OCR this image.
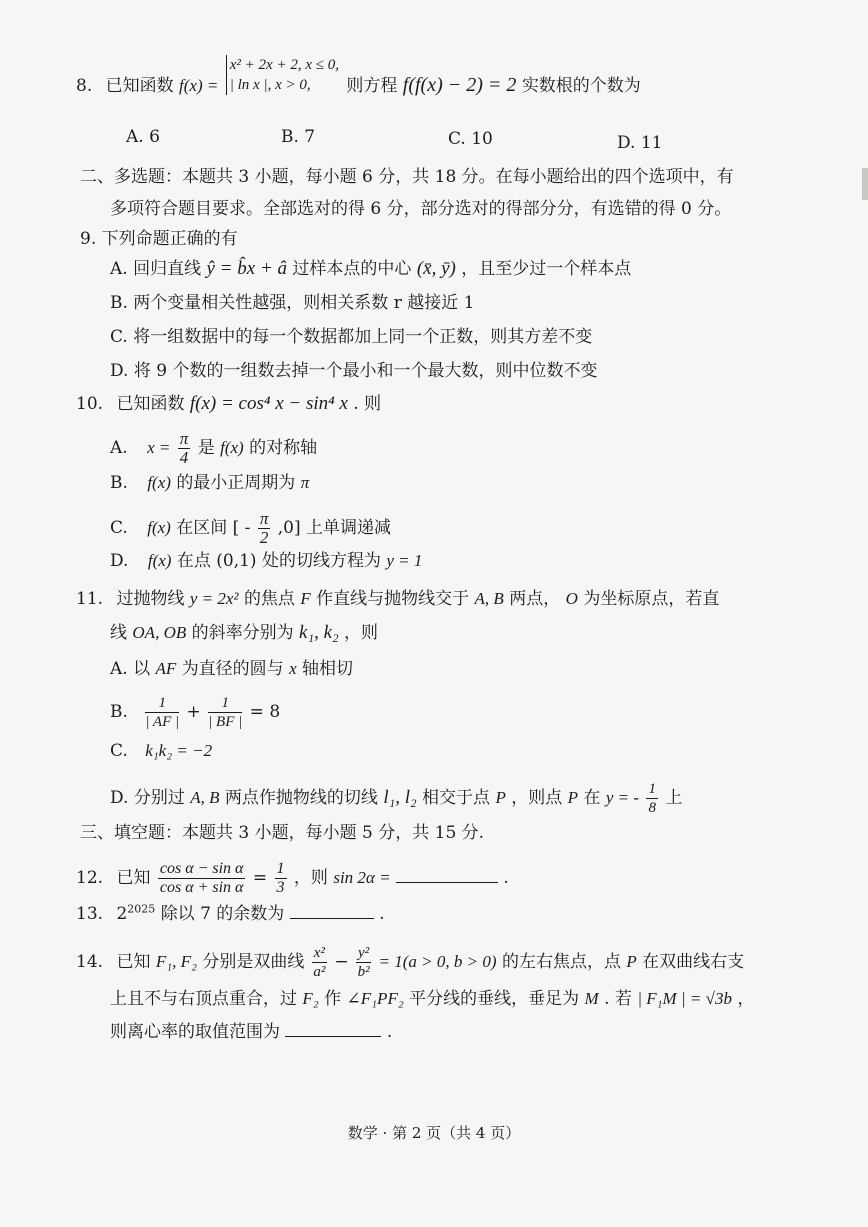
8. 已知函数 f(x) =
x² + 2x + 2, x ≤ 0,
| ln x |, x > 0,	则方程 f(f(x) − 2) = 2 实数根的个数为
A. 6	B. 7	C. 10	D. 11
二、多选题：本题共 3 小题，每小题 6 分，共 18 分。在每小题给出的四个选项中，有
多项符合题目要求。全部选对的得 6 分，部分选对的得部分分，有选错的得 0 分。
9. 下列命题正确的有
A. 回归直线 ŷ = b̂x + â 过样本点的中心 (x̄, ȳ) ，且至少过一个样本点
B. 两个变量相关性越强，则相关系数 r 越接近 1
C. 将一组数据中的每一个数据都加上同一个正数，则其方差不变
D. 将 9 个数的一组数去掉一个最小和一个最大数，则中位数不变
10. 已知函数 f(x) = cos⁴ x − sin⁴ x . 则
A. $x = \frac{\pi}{4}$ 是 f(x) 的对称轴
B. f(x) 的最小正周期为 π
C. f(x) 在区间 [ - $\frac{\pi}{2} ,0$] 上单调递减
D. f(x) 在点 (0,1) 处的切线方程为 y = 1
11. 过抛物线 y = 2x² 的焦点 F 作直线与抛物线交于 A, B 两点， O 为坐标原点，若直
线 OA, OB 的斜率分别为 k₁, k₂ ，则
A. 以 AF 为直径的圆与 x 轴相切
B. $\frac{1}{| AF |} + \frac{1}{| BF |} = 8$
C. k₁k₂ = −2
D. 分别过 A, B 两点作抛物线的切线 l₁, l₂ 相交于点 P ，则点 P 在 y = - $\frac{1}{8}$ 上
三、填空题：本题共 3 小题，每小题 5 分，共 15 分.
12. 已知 $\frac{\text{cos α − sin α}}{\text{cos α + sin α}} = \frac{1}{3}$ ，则 sin 2α =	.
13. $2^{2025}$ 除以 7 的余数为	.
14. 已知 F₁, F₂ 分别是双曲线 $\frac{\text{x²}}{\text{a²}} - \frac{\text{y²}}{\text{b²}} = 1(a > 0$, b > 0) 的左右焦点，点 P 在双曲线右支
上且不与右顶点重合，过 F₂ 作 ∠F₁PF₂ 平分线的垂线，垂足为 M . 若 | F₁M | = √3b ，
则离心率的取值范围为	.
数学 · 第 2 页（共 4 页）
